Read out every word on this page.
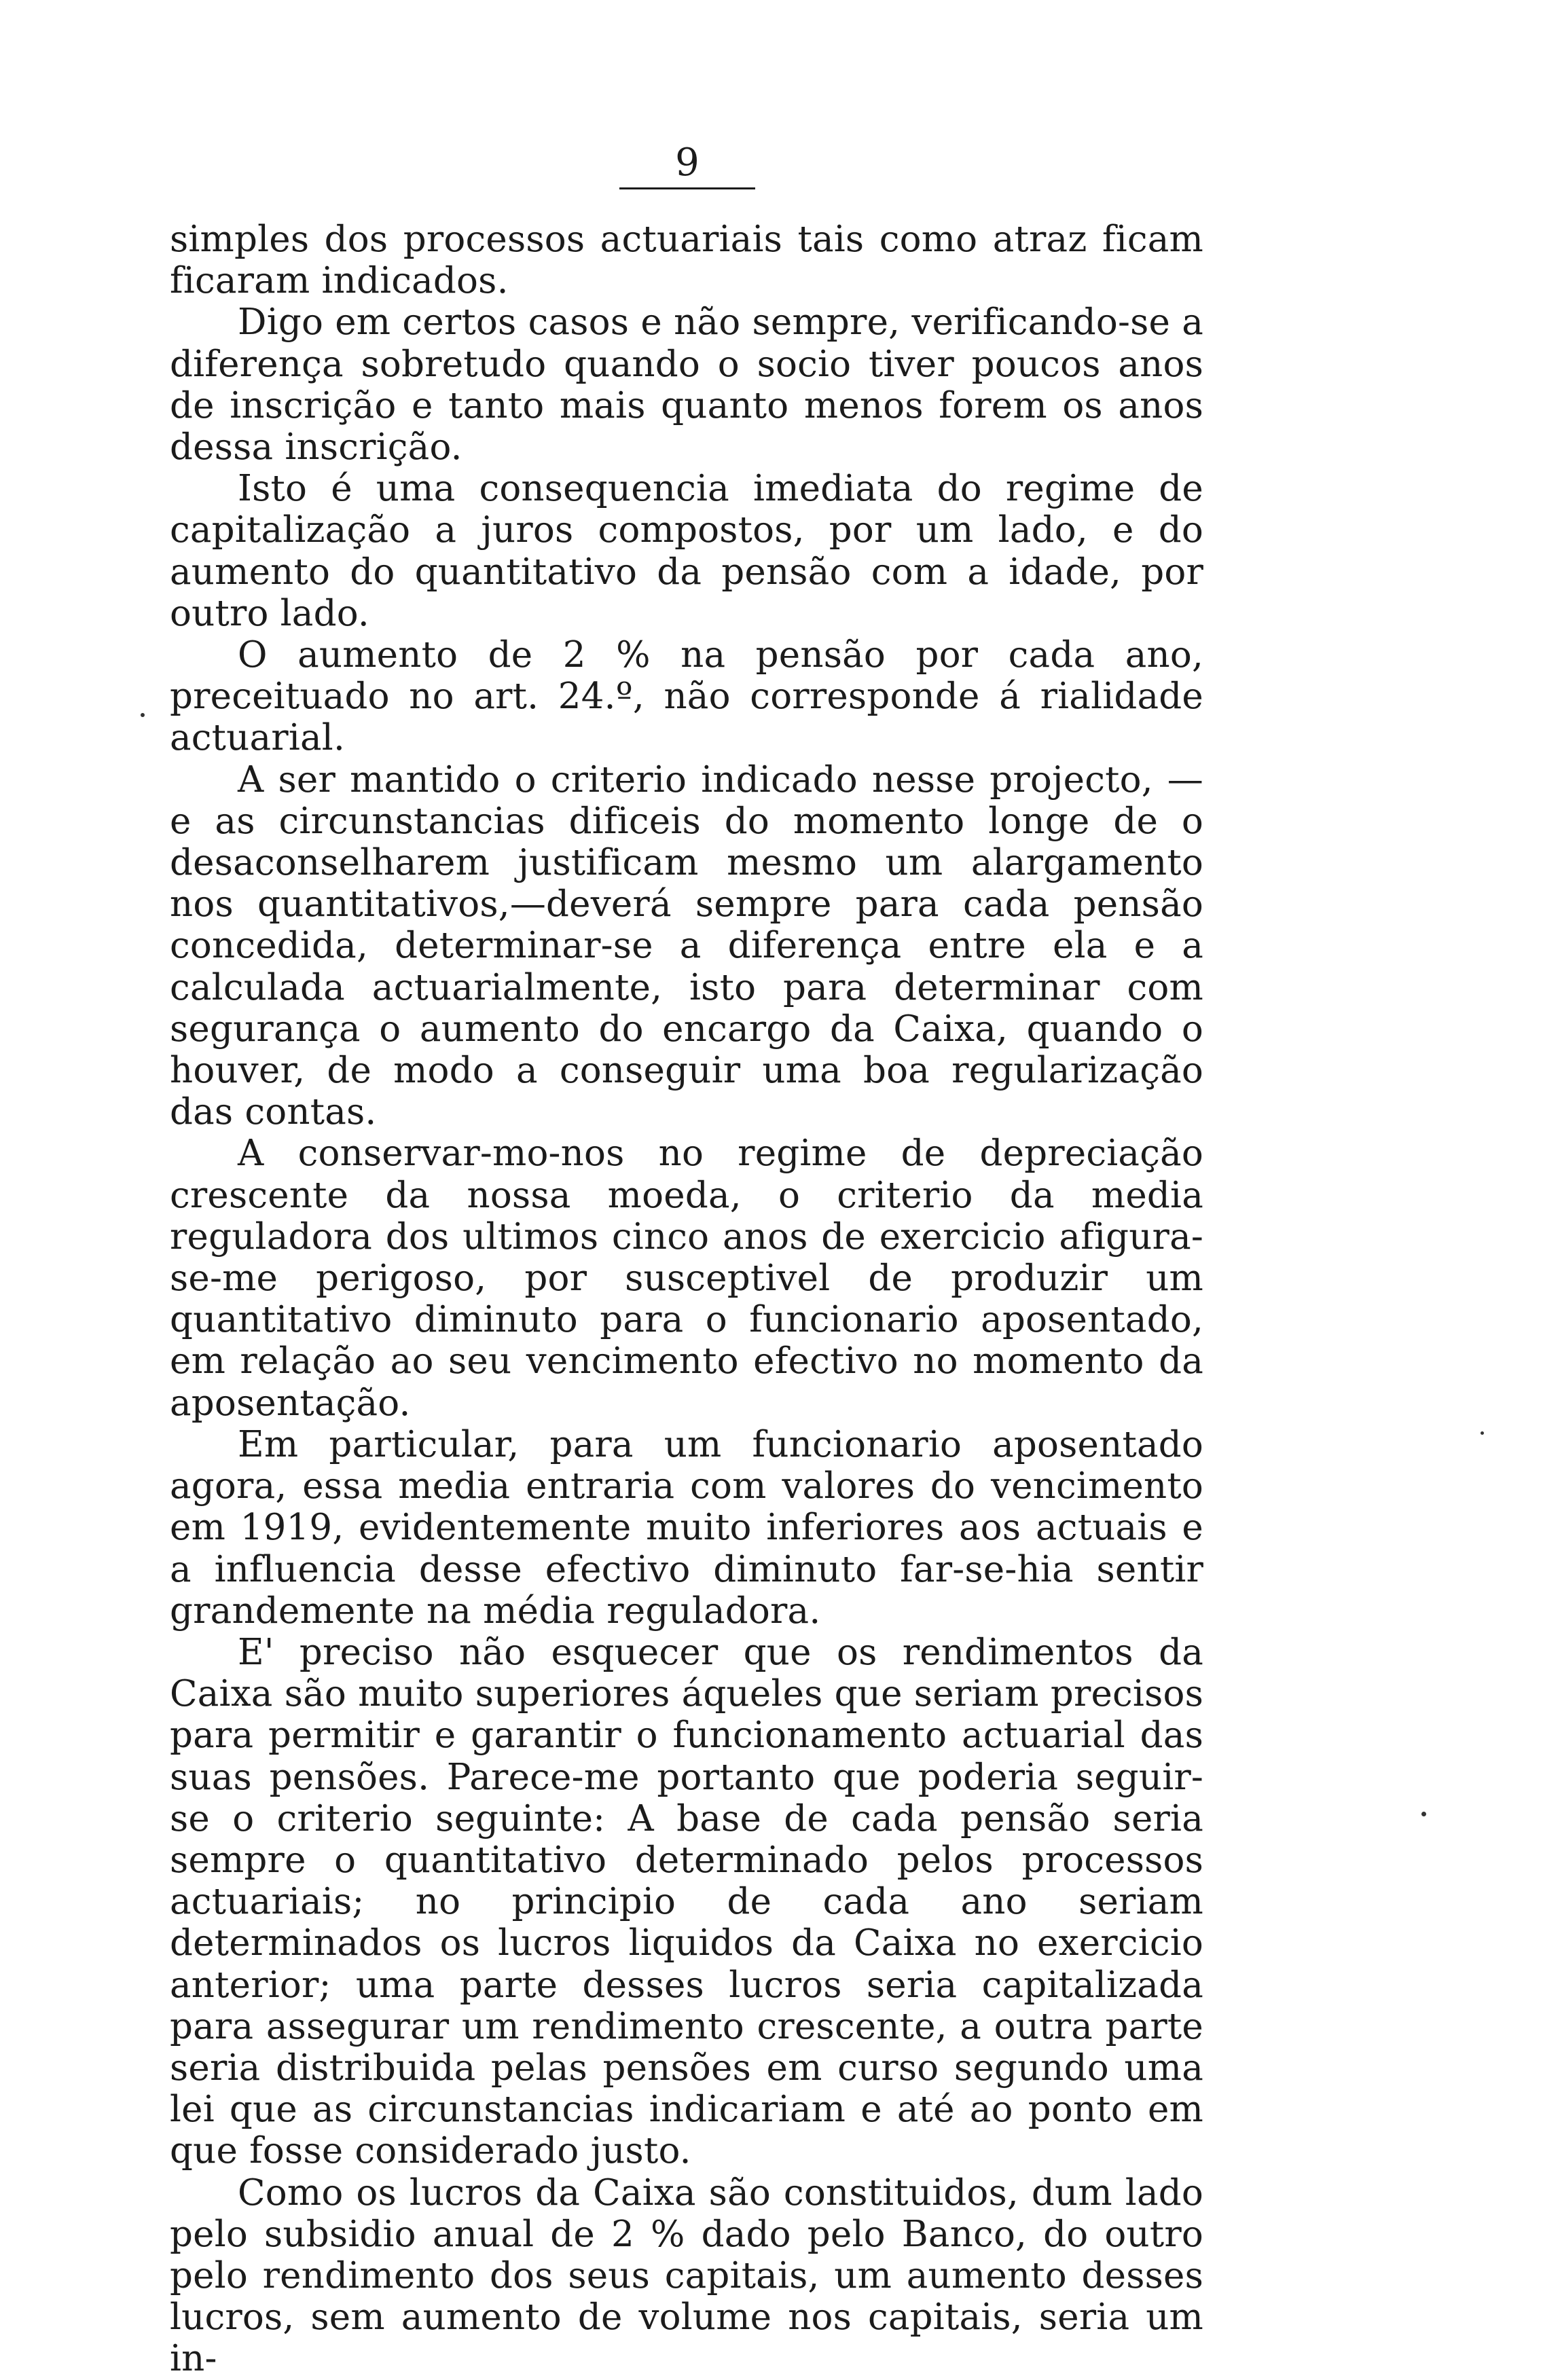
9

simples dos processos actuariais tais como atraz ficam ficaram indicados.

Digo em certos casos e não sempre, verificando-se a diferença sobretudo quando o socio tiver poucos anos de inscrição e tanto mais quanto menos forem os anos dessa inscrição.

Isto é uma consequencia imediata do regime de capitalização a juros compostos, por um lado, e do aumento do quantitativo da pensão com a idade, por outro lado.

O aumento de 2 % na pensão por cada ano, preceituado no art. 24.º, não corresponde á rialidade actuarial.

A ser mantido o criterio indicado nesse projecto, — e as circunstancias dificeis do momento longe de o desaconselharem justificam mesmo um alargamento nos quantitativos,—deverá sempre para cada pensão concedida, determinar-se a diferença entre ela e a calculada actuarialmente, isto para determinar com segurança o aumento do encargo da Caixa, quando o houver, de modo a conseguir uma boa regularização das contas.

A conservar-mo-nos no regime de depreciação crescente da nossa moeda, o criterio da media reguladora dos ultimos cinco anos de exercicio afigura-se-me perigoso, por susceptivel de produzir um quantitativo diminuto para o funcionario aposentado, em relação ao seu vencimento efectivo no momento da aposentação.

Em particular, para um funcionario aposentado agora, essa media entraria com valores do vencimento em 1919, evidentemente muito inferiores aos actuais e a influencia desse efectivo diminuto far-se-hia sentir grandemente na média reguladora.

E' preciso não esquecer que os rendimentos da Caixa são muito superiores áqueles que seriam precisos para permitir e garantir o funcionamento actuarial das suas pensões. Parece-me portanto que poderia seguir-se o criterio seguinte: A base de cada pensão seria sempre o quantitativo determinado pelos processos actuariais; no principio de cada ano seriam determinados os lucros liquidos da Caixa no exercicio anterior; uma parte desses lucros seria capitalizada para assegurar um rendimento crescente, a outra parte seria distribuida pelas pensões em curso segundo uma lei que as circunstancias indicariam e até ao ponto em que fosse considerado justo.

Como os lucros da Caixa são constituidos, dum lado pelo subsidio anual de 2 % dado pelo Banco, do outro pelo rendimento dos seus capitais, um aumento desses lucros, sem aumento de volume nos capitais, seria um in-
